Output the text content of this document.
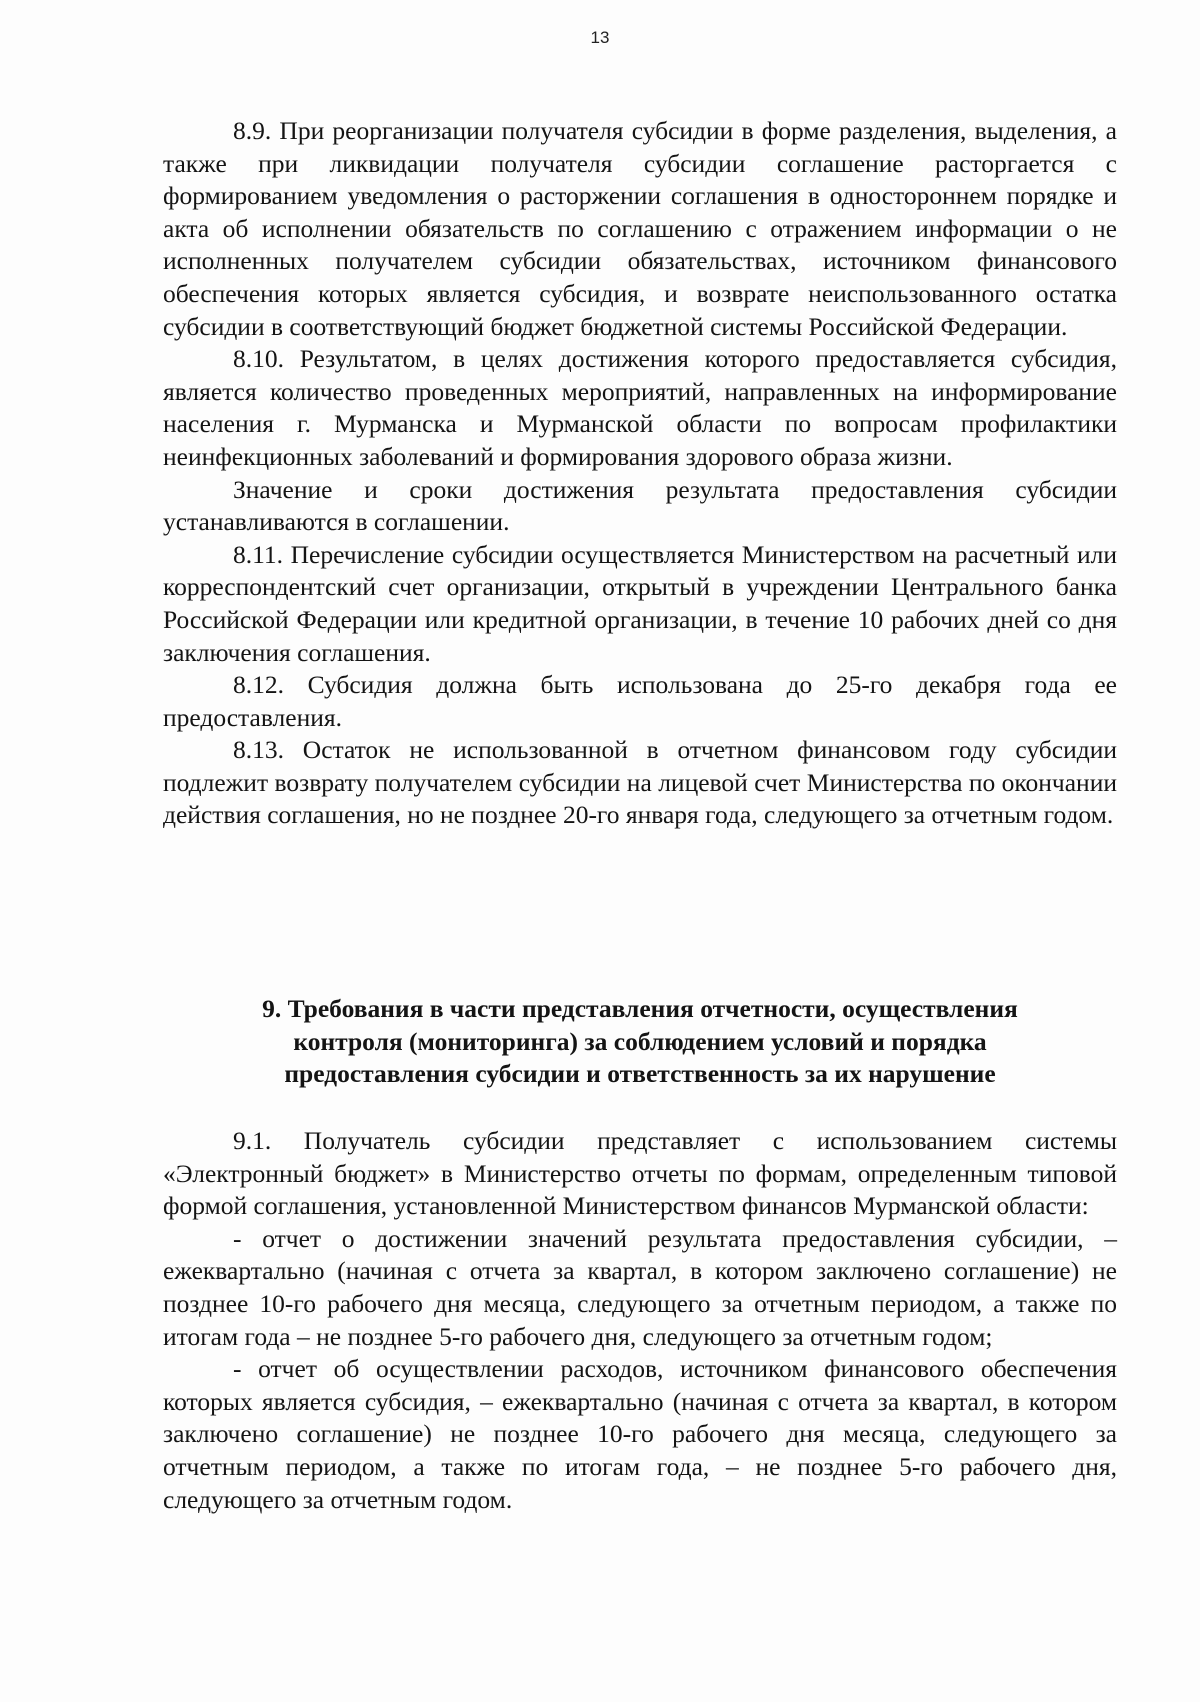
13

8.9. При реорганизации получателя субсидии в форме разделения, выделения, а также при ликвидации получателя субсидии соглашение расторгается с формированием уведомления о расторжении соглашения в одностороннем порядке и акта об исполнении обязательств по соглашению с отражением информации о не исполненных получателем субсидии обязательствах, источником финансового обеспечения которых является субсидия, и возврате неиспользованного остатка субсидии в соответствующий бюджет бюджетной системы Российской Федерации.

8.10. Результатом, в целях достижения которого предоставляется субсидия, является количество проведенных мероприятий, направленных на информирование населения г. Мурманска и Мурманской области по вопросам профилактики неинфекционных заболеваний и формирования здорового образа жизни.

Значение и сроки достижения результата предоставления субсидии устанавливаются в соглашении.

8.11. Перечисление субсидии осуществляется Министерством на расчетный или корреспондентский счет организации, открытый в учреждении Центрального банка Российской Федерации или кредитной организации, в течение 10 рабочих дней со дня заключения соглашения.

8.12. Субсидия должна быть использована до 25-го декабря года ее предоставления.

8.13. Остаток не использованной в отчетном финансовом году субсидии подлежит возврату получателем субсидии на лицевой счет Министерства по окончании действия соглашения, но не позднее 20-го января года, следующего за отчетным годом.

9. Требования в части представления отчетности, осуществления
контроля (мониторинга) за соблюдением условий и порядка
предоставления субсидии и ответственность за их нарушение

9.1. Получатель субсидии представляет с использованием системы «Электронный бюджет» в Министерство отчеты по формам, определенным типовой формой соглашения, установленной Министерством финансов Мурманской области:

- отчет о достижении значений результата предоставления субсидии, – ежеквартально (начиная с отчета за квартал, в котором заключено соглашение) не позднее 10-го рабочего дня месяца, следующего за отчетным периодом, а также по итогам года – не позднее 5-го рабочего дня, следующего за отчетным годом;

- отчет об осуществлении расходов, источником финансового обеспечения которых является субсидия, – ежеквартально (начиная с отчета за квартал, в котором заключено соглашение) не позднее 10-го рабочего дня месяца, следующего за отчетным периодом, а также по итогам года, – не позднее 5-го рабочего дня, следующего за отчетным годом.
